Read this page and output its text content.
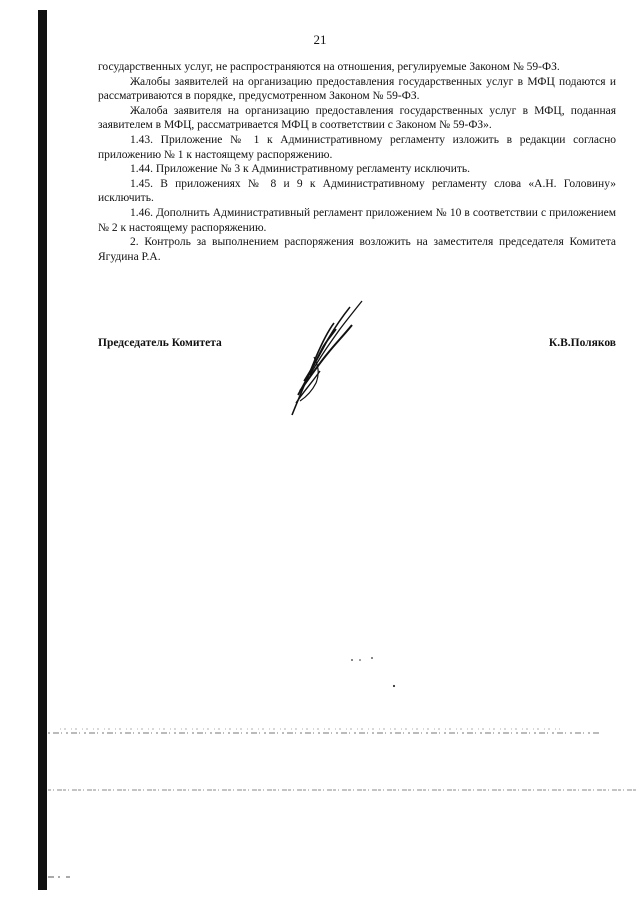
21

государственных услуг, не распространяются на отношения, регулируемые Законом № 59-ФЗ.

Жалобы заявителей на организацию предоставления государственных услуг в МФЦ подаются и рассматриваются в порядке, предусмотренном Законом № 59-ФЗ.

Жалоба заявителя на организацию предоставления государственных услуг в МФЦ, поданная заявителем в МФЦ, рассматривается МФЦ в соответствии с Законом № 59-ФЗ».

1.43. Приложение № 1 к Административному регламенту изложить в редакции согласно приложению № 1 к настоящему распоряжению.

1.44. Приложение № 3 к Административному регламенту исключить.

1.45. В приложениях № 8 и 9 к Административному регламенту слова «А.Н. Головину» исключить.

1.46. Дополнить Административный регламент приложением № 10 в соответствии с приложением № 2 к настоящему распоряжению.

2. Контроль за выполнением распоряжения возложить на заместителя председателя Комитета Ягудина Р.А.

Председатель Комитета	К.В.Поляков
